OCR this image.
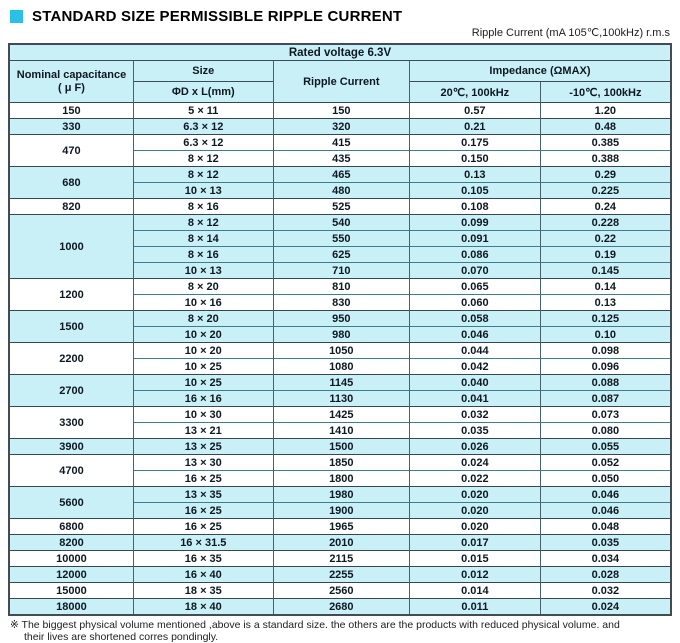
STANDARD SIZE PERMISSIBLE RIPPLE CURRENT
Ripple Current (mA 105℃,100kHz) r.m.s
Rated voltage 6.3V				

Nominal capacitance
( μ F)	Size	Ripple Current	Impedance (ΩMAX)	
	ΦD x L(mm)		20℃, 100kHz	-10℃, 100kHz
150	5 × 11	150	0.57	1.20
330	6.3 × 12	320	0.21	0.48
470	6.3 × 12	415	0.175	0.385
	8 × 12	435	0.150	0.388
680	8 × 12	465	0.13	0.29
	10 × 13	480	0.105	0.225
820	8 × 16	525	0.108	0.24
1000	8 × 12	540	0.099	0.228
	8 × 14	550	0.091	0.22
	8 × 16	625	0.086	0.19
	10 × 13	710	0.070	0.145
1200	8 × 20	810	0.065	0.14
	10 × 16	830	0.060	0.13
1500	8 × 20	950	0.058	0.125
	10 × 20	980	0.046	0.10
2200	10 × 20	1050	0.044	0.098
	10 × 25	1080	0.042	0.096
2700	10 × 25	1145	0.040	0.088
	16 × 16	1130	0.041	0.087
3300	10 × 30	1425	0.032	0.073
	13 × 21	1410	0.035	0.080
3900	13 × 25	1500	0.026	0.055
4700	13 × 30	1850	0.024	0.052
	16 × 25	1800	0.022	0.050
5600	13 × 35	1980	0.020	0.046
	16 × 25	1900	0.020	0.046
6800	16 × 25	1965	0.020	0.048
8200	16 × 31.5	2010	0.017	0.035
10000	16 × 35	2115	0.015	0.034
12000	16 × 40	2255	0.012	0.028
15000	18 × 35	2560	0.014	0.032
18000	18 × 40	2680	0.011	0.024
※ The biggest physical volume mentioned ,above is a standard size. the others are the products with reduced physical volume. and
their lives are shortened corres pondingly.
